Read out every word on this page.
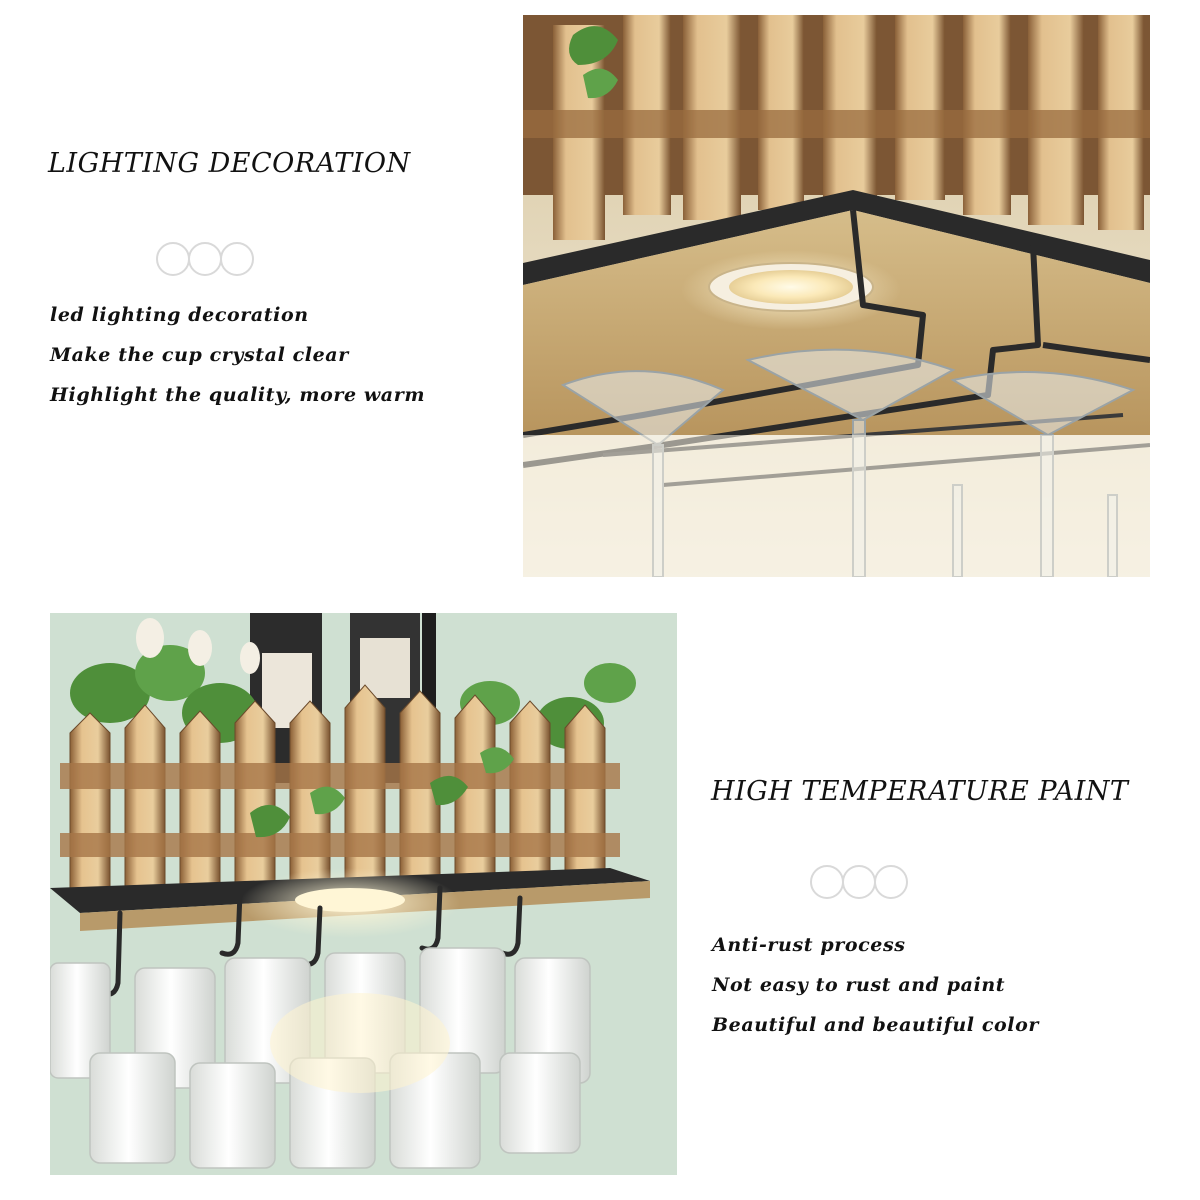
LIGHTING DECORATION
led lighting decoration
Make the cup crystal clear
Highlight the quality, more warm
HIGH TEMPERATURE PAINT
Anti-rust process
Not easy to rust and paint
Beautiful and beautiful color
